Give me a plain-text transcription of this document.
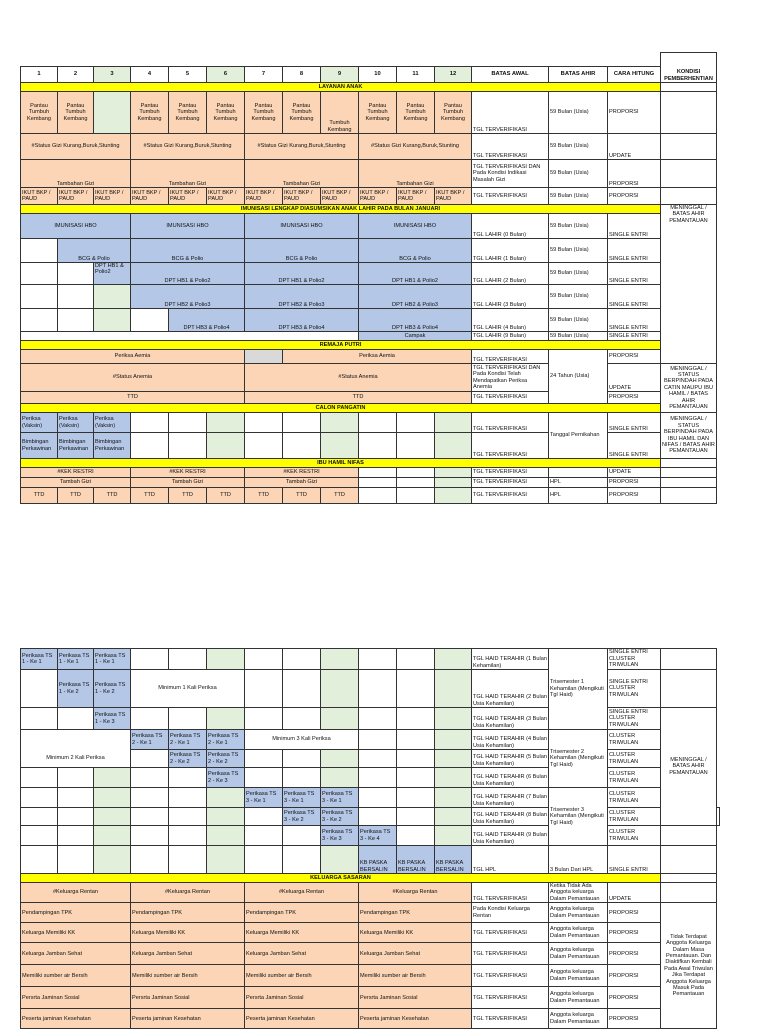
															KONDISI PEMBERHENTIAN
1	2	3	4	5	6	7	8	9	10	11	12	BATAS AWAL	BATAS AHIR	CARA HITUNG	
LAYANAN ANAK															
Pantau Tumbuh Kembang	Pantau Tumbuh Kembang		Pantau Tumbuh Kembang	Pantau Tumbuh Kembang	Pantau Tumbuh Kembang	Pantau Tumbuh Kembang	Pantau Tumbuh Kembang	Tumbuh Kembang	Pantau Tumbuh Kembang	Pantau Tumbuh Kembang	Pantau Tumbuh Kembang	TGL TERVERIFIKASI	59 Bulan (Usia)	PROPORSI	
#Status Gizi Kurang,Buruk,Stunting			#Status Gizi Kurang,Buruk,Stunting			#Status Gizi Kurang,Buruk,Stunting			#Status Gizi Kurang,Buruk,Stunting			TGL TERVERIFIKASI	59 Bulan (Usia)	UPDATE	
Tambahan Gizi			Tambahan Gizi			Tambahan Gizi			Tambahan Gizi			TGL TERVERIFIKASI DAN Pada Kondisi Indikasi Masalah Gizi	59 Bulan (Usia)	PROPORSI	
IKUT BKP / PAUD	IKUT BKP / PAUD	IKUT BKP / PAUD	IKUT BKP / PAUD	IKUT BKP / PAUD	IKUT BKP / PAUD	IKUT BKP / PAUD	IKUT BKP / PAUD	IKUT BKP / PAUD	IKUT BKP / PAUD	IKUT BKP / PAUD	IKUT BKP / PAUD	TGL TERVERIFIKASI	59 Bulan (Usia)	PROPORSI	
IMUNISASI LENGKAP DIASUMSIKAN ANAK LAHIR PADA BULAN JANUARI															MENINGGAL / BATAS AHIR PEMANTAUAN
IMUNISASI HBO			IMUNISASI HBO			IMUNISASI HBO			IMUNISASI HBO			TGL LAHIR (0 Bulan)	59 Bulan (Usia)	SINGLE ENTRI	
	BCG & Polio		BCG & Polio			BCG & Polio			BCG & Polio			TGL LAHIR (1 Bulan)	59 Bulan (Usia)	SINGLE ENTRI	
		DPT HB1 & Polio2	DPT HB1 & Polio2			DPT HB1 & Polio2			DPT HB1 & Polio2			TGL LAHIR (2 Bulan)	59 Bulan (Usia)	SINGLE ENTRI	
			DPT HB2 & Polio3			DPT HB2 & Polio3			DPT HB2 & Polio3			TGL LAHIR (3 Bulan)	59 Bulan (Usia)	SINGLE ENTRI	
				DPT HB3 & Polio4		DPT HB3 & Polio4			DPT HB3 & Polio4			TGL LAHIR (4 Bulan)	59 Bulan (Usia)	SINGLE ENTRI	
									Campak			TGL LAHIR (9 Bulan)	59 Bulan (Usia)	SINGLE ENTRI	
REMAJA PUTRI															
Periksa Aemia							Periksa Aemia					TGL TERVERIFIKASI	24 Tahun (Usia)	PROPORSI	
#Status Anemia						#Status Anemia						TGL TERVERIFIKASI DAN Pada Kondisi Telah Mendapatkan Periksa Anemia		UPDATE	MENINGGAL / STATUS BERPINDAH PADA CATIN MAUPU IBU HAMIL / BATAS AHIR PEMANTAUAN
TTD						TTD						TGL TERVERIFIKASI		PROPORSI	
CALON PANGATIN															
Periksa (Vaksin)	Periksa (Vaksin)	Periksa (Vaksin)										TGL TERVERIFIKASI	Tanggal Pernikahan	SINGLE ENTRI	MENINGGAL / STATUS BERPINDAH PADA IBU HAMIL DAN NIFAS / BATAS AHIR PEMANTAUAN
Bimbingan Perkawinan	Bimbingan Perkawinan	Bimbingan Perkawinan										TGL TERVERIFIKASI		SINGLE ENTRI	
IBU HAMIL NIFAS															
#KEK RESTRI			#KEK RESTRI			#KEK RESTRI						TGL TERVERIFIKASI		UPDATE	
Tambah Gizi			Tambah Gizi			Tambah Gizi						TGL TERVERIFIKASI	HPL	PROPORSI	
TTD	TTD	TTD	TTD	TTD	TTD	TTD	TTD	TTD				TGL TERVERIFIKASI	HPL	PROPORSI	
Perikasa TS 1 - Ke 1	Perikasa TS 1 - Ke 1	Perikasa TS 1 - Ke 1										TGL HAID TERAHIR (1 Bulan Kehamilan)	Trisemester 1 Kehamilan (Mengikuti Tgl Haid)	SINGLE ENTRI CLUSTER TRIWULAN		
	Perikasa TS 1 - Ke 2	Perikasa TS 1 - Ke 2	Minimum 1 Kali Periksa									TGL HAID TERAHIR (2 Bulan Usia Kehamilan)		SINGLE ENTRI CLUSTER TRIWULAN		
		Perikasa TS 1 - Ke 3										TGL HAID TERAHIR (3 Bulan Usia Kehamilan)		SINGLE ENTRI CLUSTER TRIWULAN	MENINGGAL / BATAS AHIR PEMANTAUAN	
			Perikasa TS 2 - Ke 1	Perikasa TS 2 - Ke 1	Perikasa TS 2 - Ke 1	Minimum 3 Kali Periksa						TGL HAID TERAHIR (4 Bulan Usia Kehamilan)	Trisemester 2 Kehamilan (Mengikuti Tgl Haid)	CLUSTER TRIWULAN		
Minimum 2 Kali Periksa				Perikasa TS 2 - Ke 2	Perikasa TS 2 - Ke 2							TGL HAID TERAHIR (5 Bulan Usia Kehamilan)		CLUSTER TRIWULAN		
					Perikasa TS 2 - Ke 3							TGL HAID TERAHIR (6 Bulan Usia Kehamilan)		CLUSTER TRIWULAN		
						Perikasa TS 3 - Ke 1	Perikasa TS 3 - Ke 1	Perikasa TS 3 - Ke 1				TGL HAID TERAHIR (7 Bulan Usia Kehamilan)	Trisemester 3 Kehamilan (Mengikuti Tgl Haid)	CLUSTER TRIWULAN		
							Perikasa TS 3 - Ke 2	Perikasa TS 3 - Ke 2				TGL HAID TERAHIR (8 Bulan Usia Kehamilan)		CLUSTER TRIWULAN		
								Perikasa TS 3 - Ke 3	Perikasa TS 3 - Ke 4			TGL HAID TERAHIR (9 Bulan Usia Kehamilan)		CLUSTER TRIWULAN		
									KB PASKA BERSALIN	KB PASKA BERSALIN	KB PASKA BERSALIN	TGL HPL	3 Bulan Dari HPL	SINGLE ENTRI		
KELUARGA SASARAN																
#Keluarga Rentan			#Keluarga Rentan			#Keluarga Rentan			#Keluarga Rentan			TGL TERVERIFIKASI	Ketika Tidak Ada Anggota keluarga Dalam Pemantauan	UPDATE		
Pendampingan TPK			Pendampingan TPK			Pendampingan TPK			Pendampingan TPK			Pada Kondisi Keluarga Rentan	Anggota keluarga Dalam Pemantauan	PROPORSI	Tidak Terdapat Anggota Keluarga Dalam Masa Pemantauan. Dan Diaktifkan Kembali Pada Awal Triwulan Jika Terdapat Anggota Keluarga Masuk Pada Pemantauan	
Keluarga Memiliki KK			Keluarga Memiliki KK			Keluarga Memiliki KK			Keluarga Memiliki KK			TGL TERVERIFIKASI	Anggota keluarga Dalam Pemantauan	PROPORSI		
Keluarga Jamban Sehat			Keluarga Jamban Sehat			Keluarga Jamban Sehat			Keluarga Jamban Sehat			TGL TERVERIFIKASI	Anggota keluarga Dalam Pemantauan	PROPORSI		
Memiliki sumber air Bersih			Memiliki sumber air Bersih			Memiliki sumber air Bersih			Memiliki sumber air Bersih			TGL TERVERIFIKASI	Anggota keluarga Dalam Pemantauan	PROPORSI		
Persrta Jaminan Sosial			Persrta Jaminan Sosial			Persrta Jaminan Sosial			Persrta Jaminan Sosial			TGL TERVERIFIKASI	Anggota keluarga Dalam Pemantauan	PROPORSI		
Peserta jaminan Kesehatan			Peserta jaminan Kesehatan			Peserta jaminan Kesehatan			Peserta jaminan Kesehatan			TGL TERVERIFIKASI	Anggota keluarga Dalam Pemantauan	PROPORSI		
